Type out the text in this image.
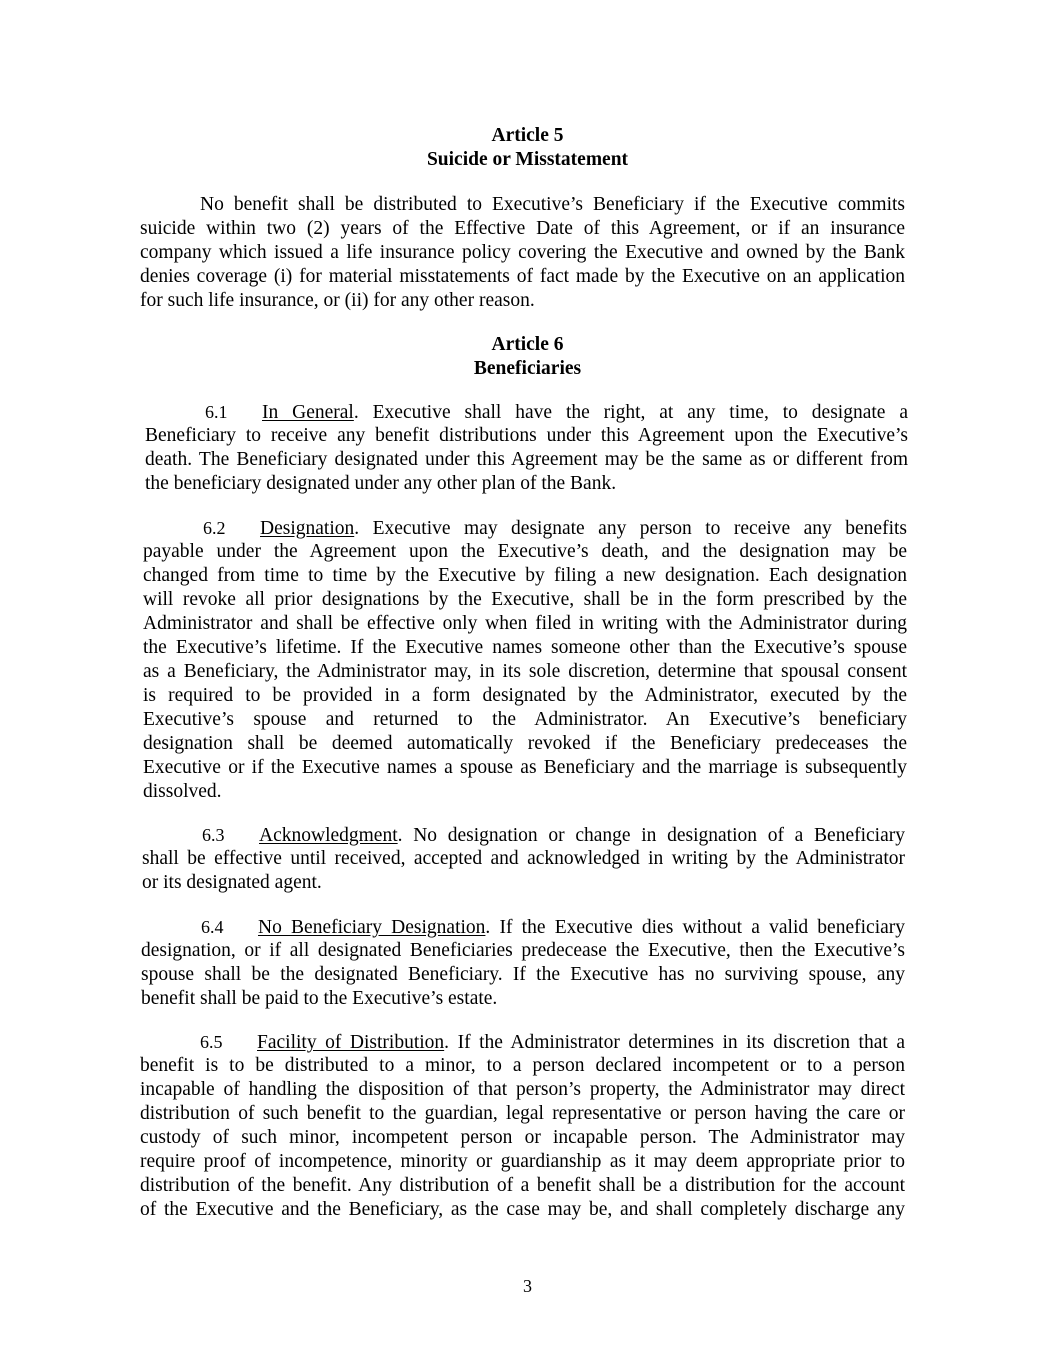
Article 5
Suicide or Misstatement
No benefit shall be distributed to Executive’s Beneficiary if the Executive commits
suicide within two (2) years of the Effective Date of this Agreement, or if an insurance
company which issued a life insurance policy covering the Executive and owned by the Bank
denies coverage (i) for material misstatements of fact made by the Executive on an application
for such life insurance, or (ii) for any other reason.
Article 6
Beneficiaries
6.1 In General. Executive shall have the right, at any time, to designate a
Beneficiary to receive any benefit distributions under this Agreement upon the Executive’s
death. The Beneficiary designated under this Agreement may be the same as or different from
the beneficiary designated under any other plan of the Bank.
6.2 Designation. Executive may designate any person to receive any benefits
payable under the Agreement upon the Executive’s death, and the designation may be
changed from time to time by the Executive by filing a new designation. Each designation
will revoke all prior designations by the Executive, shall be in the form prescribed by the
Administrator and shall be effective only when filed in writing with the Administrator during
the Executive’s lifetime. If the Executive names someone other than the Executive’s spouse
as a Beneficiary, the Administrator may, in its sole discretion, determine that spousal consent
is required to be provided in a form designated by the Administrator, executed by the
Executive’s spouse and returned to the Administrator. An Executive’s beneficiary
designation shall be deemed automatically revoked if the Beneficiary predeceases the
Executive or if the Executive names a spouse as Beneficiary and the marriage is subsequently
dissolved.
6.3 Acknowledgment. No designation or change in designation of a Beneficiary
shall be effective until received, accepted and acknowledged in writing by the Administrator
or its designated agent.
6.4 No Beneficiary Designation. If the Executive dies without a valid beneficiary
designation, or if all designated Beneficiaries predecease the Executive, then the Executive’s
spouse shall be the designated Beneficiary. If the Executive has no surviving spouse, any
benefit shall be paid to the Executive’s estate.
6.5 Facility of Distribution. If the Administrator determines in its discretion that a
benefit is to be distributed to a minor, to a person declared incompetent or to a person
incapable of handling the disposition of that person’s property, the Administrator may direct
distribution of such benefit to the guardian, legal representative or person having the care or
custody of such minor, incompetent person or incapable person. The Administrator may
require proof of incompetence, minority or guardianship as it may deem appropriate prior to
distribution of the benefit. Any distribution of a benefit shall be a distribution for the account
of the Executive and the Beneficiary, as the case may be, and shall completely discharge any
3
